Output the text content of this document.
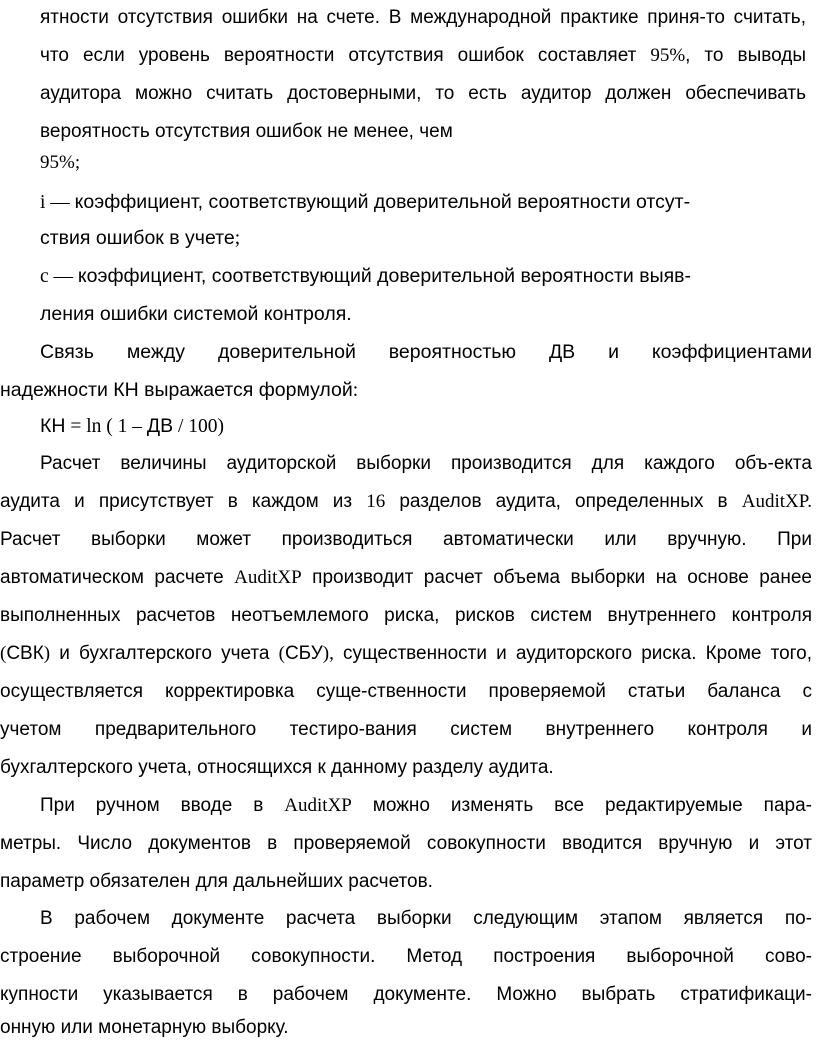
ятности отсутствия ошибки на счете. В международной практике приня-то считать,
что если уровень вероятности отсутствия ошибок составляет 95%, то выводы
аудитора можно считать достоверными, то есть аудитор должен обеспечивать
вероятность отсутствия ошибок не менее, чем
95%;
i — коэффициент, соответствующий доверительной вероятности отсут-
ствия ошибок в учете;
c — коэффициент, соответствующий доверительной вероятности выяв-
ления ошибки системой контроля.
Связь между доверительной вероятностью ДВ и коэффициентами
надежности КН выражается формулой:
КН = ln ( 1 – ДВ / 100)
Расчет величины аудиторской выборки производится для каждого объ-екта
аудита и присутствует в каждом из 16 разделов аудита, определенных в AuditXP.
Расчет выборки может производиться автоматически или вручную. При
автоматическом расчете AuditXP производит расчет объема выборки на основе ранее
выполненных расчетов неотъемлемого риска, рисков систем внутреннего контроля
(СВК) и бухгалтерского учета (СБУ), существенности и аудиторского риска. Кроме того,
осуществляется корректировка суще-ственности проверяемой статьи баланса с
учетом предварительного тестиро-вания систем внутреннего контроля и
бухгалтерского учета, относящихся к данному разделу аудита.
При ручном вводе в AuditXP можно изменять все редактируемые пара-
метры. Число документов в проверяемой совокупности вводится вручную и этот
параметр обязателен для дальнейших расчетов.
В рабочем документе расчета выборки следующим этапом является по-
строение выборочной совокупности. Метод построения выборочной сово-
купности указывается в рабочем документе. Можно выбрать стратификаци-
онную или монетарную выборку.
